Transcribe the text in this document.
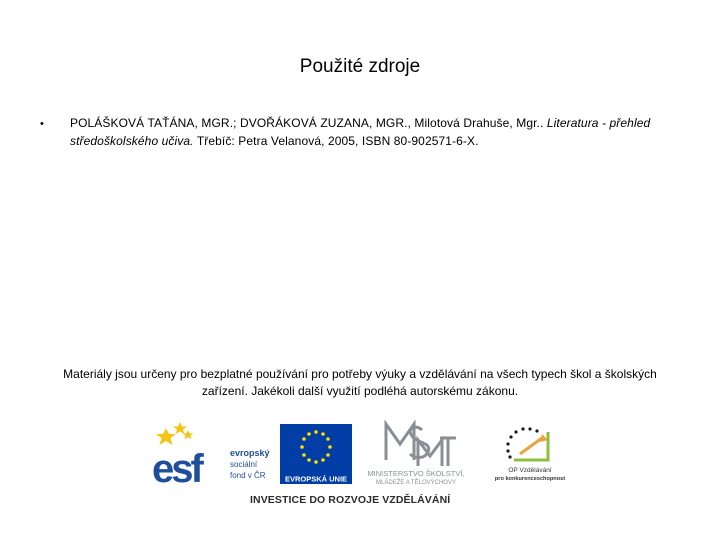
Použité zdroje
• POLÁŠKOVÁ TAŤÁNA, MGR.; DVOŘÁKOVÁ ZUZANA, MGR., Milotová Drahuše, Mgr.. Literatura - přehled středoškolského učiva. Třebíč: Petra Velanová, 2005, ISBN 80-902571-6-X.
Materiály jsou určeny pro bezplatné používání pro potřeby výuky a vzdělávání na všech typech škol a školských zařízení. Jakékoli další využití podléhá autorskému zákonu.
esf	evropský
sociální
fond v ČR	EVROPSKÁ UNIE
MINISTERSTVO ŠKOLSTVÍ,
MLÁDEŽE A TĚLOVÝCHOVY
OP Vzdělávání
pro konkurenceschopnost
INVESTICE DO ROZVOJE VZDĚLÁVÁNÍ
